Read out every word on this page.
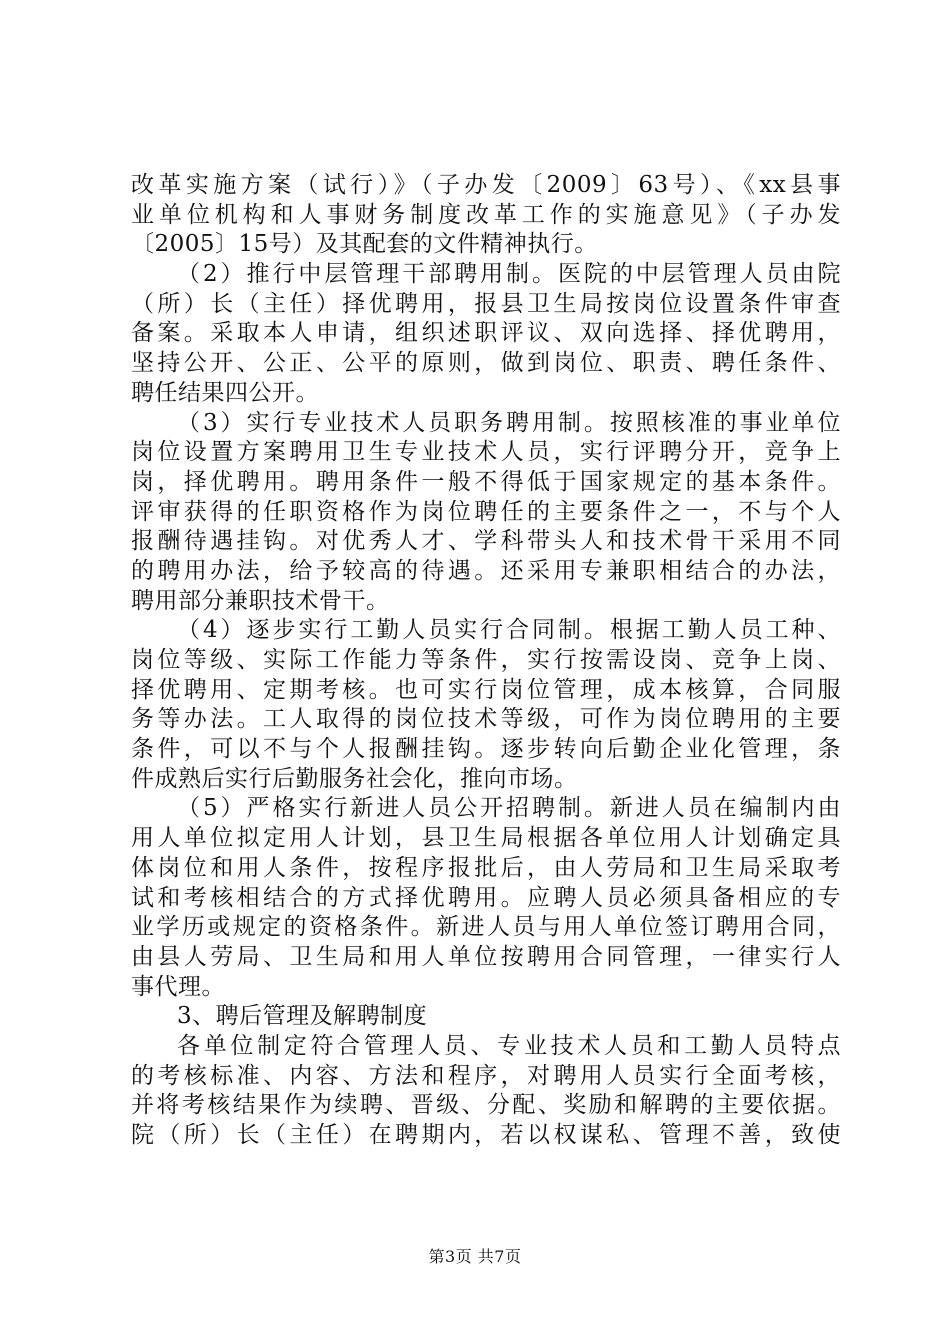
改革实施方案（试行）》（子办发〔2009〕63号）、《xx县事
业单位机构和人事财务制度改革工作的实施意见》（子办发
〔2005〕15号）及其配套的文件精神执行。
（2）推行中层管理干部聘用制。医院的中层管理人员由院
（所）长（主任）择优聘用，报县卫生局按岗位设置条件审查
备案。采取本人申请，组织述职评议、双向选择、择优聘用，
坚持公开、公正、公平的原则，做到岗位、职责、聘任条件、
聘任结果四公开。
（3）实行专业技术人员职务聘用制。按照核准的事业单位
岗位设置方案聘用卫生专业技术人员，实行评聘分开，竞争上
岗，择优聘用。聘用条件一般不得低于国家规定的基本条件。
评审获得的任职资格作为岗位聘任的主要条件之一，不与个人
报酬待遇挂钩。对优秀人才、学科带头人和技术骨干采用不同
的聘用办法，给予较高的待遇。还采用专兼职相结合的办法，
聘用部分兼职技术骨干。
（4）逐步实行工勤人员实行合同制。根据工勤人员工种、
岗位等级、实际工作能力等条件，实行按需设岗、竞争上岗、
择优聘用、定期考核。也可实行岗位管理，成本核算，合同服
务等办法。工人取得的岗位技术等级，可作为岗位聘用的主要
条件，可以不与个人报酬挂钩。逐步转向后勤企业化管理，条
件成熟后实行后勤服务社会化，推向市场。
（5）严格实行新进人员公开招聘制。新进人员在编制内由
用人单位拟定用人计划，县卫生局根据各单位用人计划确定具
体岗位和用人条件，按程序报批后，由人劳局和卫生局采取考
试和考核相结合的方式择优聘用。应聘人员必须具备相应的专
业学历或规定的资格条件。新进人员与用人单位签订聘用合同，
由县人劳局、卫生局和用人单位按聘用合同管理，一律实行人
事代理。
3、聘后管理及解聘制度
各单位制定符合管理人员、专业技术人员和工勤人员特点
的考核标准、内容、方法和程序，对聘用人员实行全面考核，
并将考核结果作为续聘、晋级、分配、奖励和解聘的主要依据。
院（所）长（主任）在聘期内，若以权谋私、管理不善，致使
第3页 共7页
